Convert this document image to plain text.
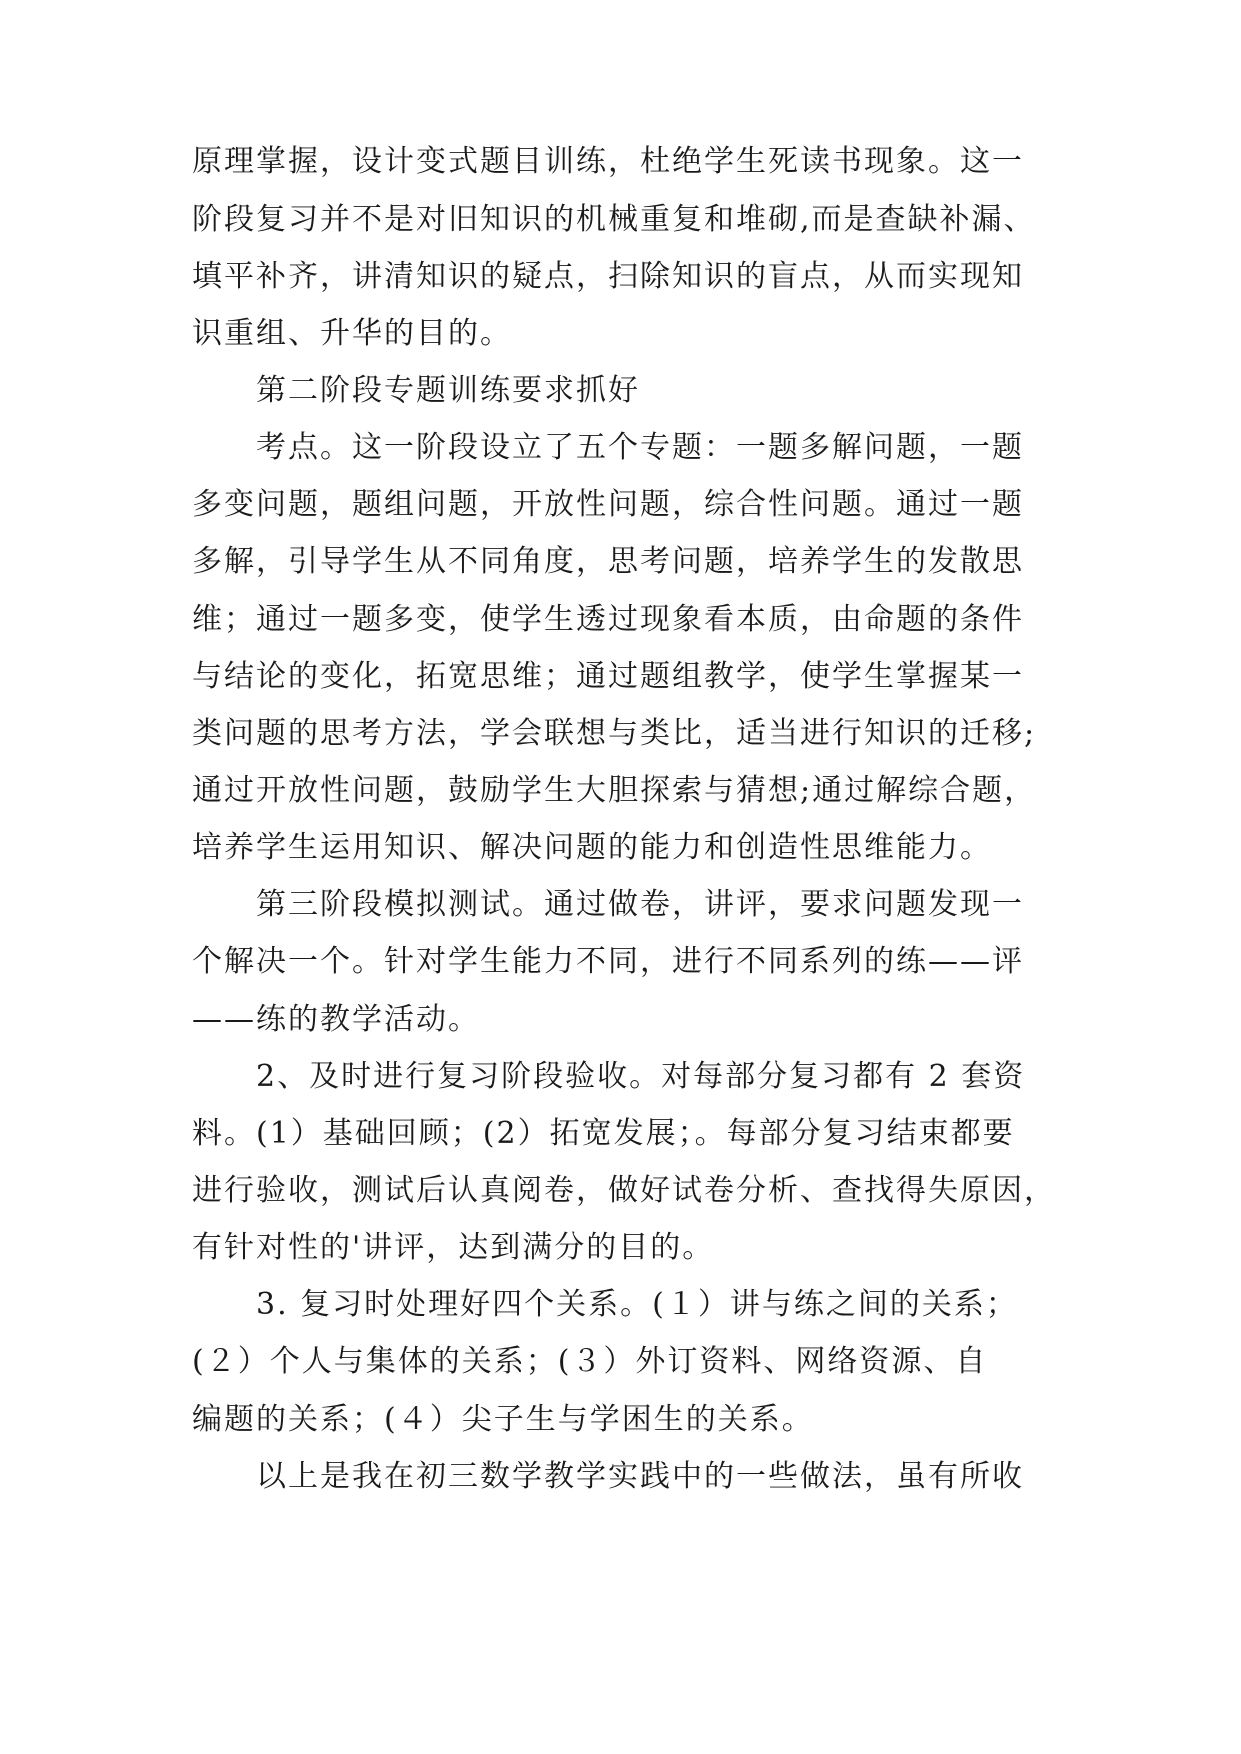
原理掌握，设计变式题目训练，杜绝学生死读书现象。这一
阶段复习并不是对旧知识的机械重复和堆砌,而是查缺补漏、
填平补齐，讲清知识的疑点，扫除知识的盲点，从而实现知
识重组、升华的目的。
第二阶段专题训练要求抓好
考点。这一阶段设立了五个专题：一题多解问题，一题
多变问题，题组问题，开放性问题，综合性问题。通过一题
多解，引导学生从不同角度，思考问题，培养学生的发散思
维；通过一题多变，使学生透过现象看本质，由命题的条件
与结论的变化，拓宽思维；通过题组教学，使学生掌握某一
类问题的思考方法，学会联想与类比，适当进行知识的迁移;
通过开放性问题，鼓励学生大胆探索与猜想;通过解综合题，
培养学生运用知识、解决问题的能力和创造性思维能力。
第三阶段模拟测试。通过做卷，讲评，要求问题发现一
个解决一个。针对学生能力不同，进行不同系列的练——评
——练的教学活动。
2、及时进行复习阶段验收。对每部分复习都有 2 套资
料。(1）基础回顾；(2）拓宽发展；。每部分复习结束都要
进行验收，测试后认真阅卷，做好试卷分析、查找得失原因，
有针对性的'讲评，达到满分的目的。
3. 复习时处理好四个关系。(１）讲与练之间的关系；
(２）个人与集体的关系；(３）外订资料、网络资源、自
编题的关系；(４）尖子生与学困生的关系。
以上是我在初三数学教学实践中的一些做法，虽有所收
